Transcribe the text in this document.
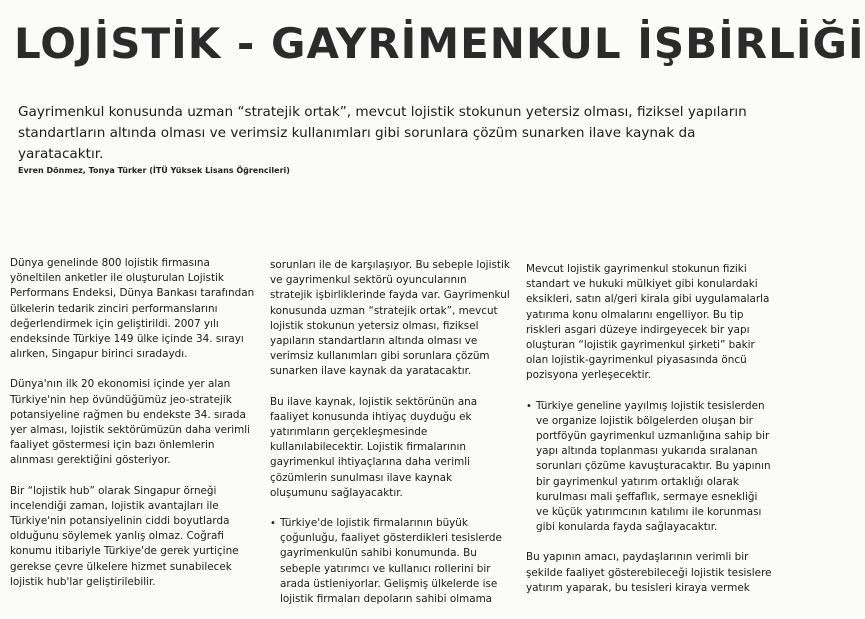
LOJİSTİK - GAYRİMENKUL İŞBİRLİĞİ

Gayrimenkul konusunda uzman “stratejik ortak”, mevcut lojistik stokunun yetersiz olması, fiziksel yapıların standartların altında olması ve verimsiz kullanımları gibi sorunlara çözüm sunarken ilave kaynak da yaratacaktır.

Evren Dönmez, Tonya Türker (İTÜ Yüksek Lisans Öğrencileri)

Dünya genelinde 800 lojistik firmasına yöneltilen anketler ile oluşturulan Lojistik Performans Endeksi, Dünya Bankası tarafından ülkelerin tedarik zinciri performanslarını değerlendirmek için geliştirildi. 2007 yılı endeksinde Türkiye 149 ülke içinde 34. sırayı alırken, Singapur birinci sıradaydı.

Dünya'nın ilk 20 ekonomisi içinde yer alan Türkiye'nin hep övündüğümüz jeo-stratejik potansiyeline rağmen bu endekste 34. sırada yer alması, lojistik sektörümüzün daha verimli faaliyet göstermesi için bazı önlemlerin alınması gerektiğini gösteriyor.

Bir “lojistik hub” olarak Singapur örneği incelendiği zaman, lojistik avantajları ile Türkiye'nin potansiyelinin ciddi boyutlarda olduğunu söylemek yanlış olmaz. Coğrafi konumu itibariyle Türkiye'de gerek yurtiçine gerekse çevre ülkelere hizmet sunabilecek lojistik hub'lar geliştirilebilir.

sorunları ile de karşılaşıyor. Bu sebeple lojistik ve gayrimenkul sektörü oyuncularının stratejik işbirliklerinde fayda var. Gayrimenkul konusunda uzman “stratejik ortak”, mevcut lojistik stokunun yetersiz olması, fiziksel yapıların standartların altında olması ve verimsiz kullanımları gibi sorunlara çözüm sunarken ilave kaynak da yaratacaktır.

Bu ilave kaynak, lojistik sektörünün ana faaliyet konusunda ihtiyaç duyduğu ek yatırımların gerçekleşmesinde kullanılabilecektir. Lojistik firmalarının gayrimenkul ihtiyaçlarına daha verimli çözümlerin sunulması ilave kaynak oluşumunu sağlayacaktır.

• Türkiye'de lojistik firmalarının büyük çoğunluğu, faaliyet gösterdikleri tesislerde gayrimenkulün sahibi konumunda. Bu sebeple yatırımcı ve kullanıcı rollerini bir arada üstleniyorlar. Gelişmiş ülkelerde ise lojistik firmaları depoların sahibi olmama

Mevcut lojistik gayrimenkul stokunun fiziki standart ve hukuki mülkiyet gibi konulardaki eksikleri, satın al/geri kirala gibi uygulamalarla yatırıma konu olmalarını engelliyor. Bu tip riskleri asgari düzeye indirgeyecek bir yapı oluşturan “lojistik gayrimenkul şirketi” bakir olan lojistik-gayrimenkul piyasasında öncü pozisyona yerleşecektir.

• Türkiye geneline yayılmış lojistik tesislerden ve organize lojistik bölgelerden oluşan bir portföyün gayrimenkul uzmanlığına sahip bir yapı altında toplanması yukarıda sıralanan sorunları çözüme kavuşturacaktır. Bu yapının bir gayrimenkul yatırım ortaklığı olarak kurulması mali şeffaflık, sermaye esnekliği ve küçük yatırımcının katılımı ile korunması gibi konularda fayda sağlayacaktır.

Bu yapının amacı, paydaşlarının verimli bir şekilde faaliyet gösterebileceği lojistik tesislere yatırım yaparak, bu tesisleri kiraya vermek
